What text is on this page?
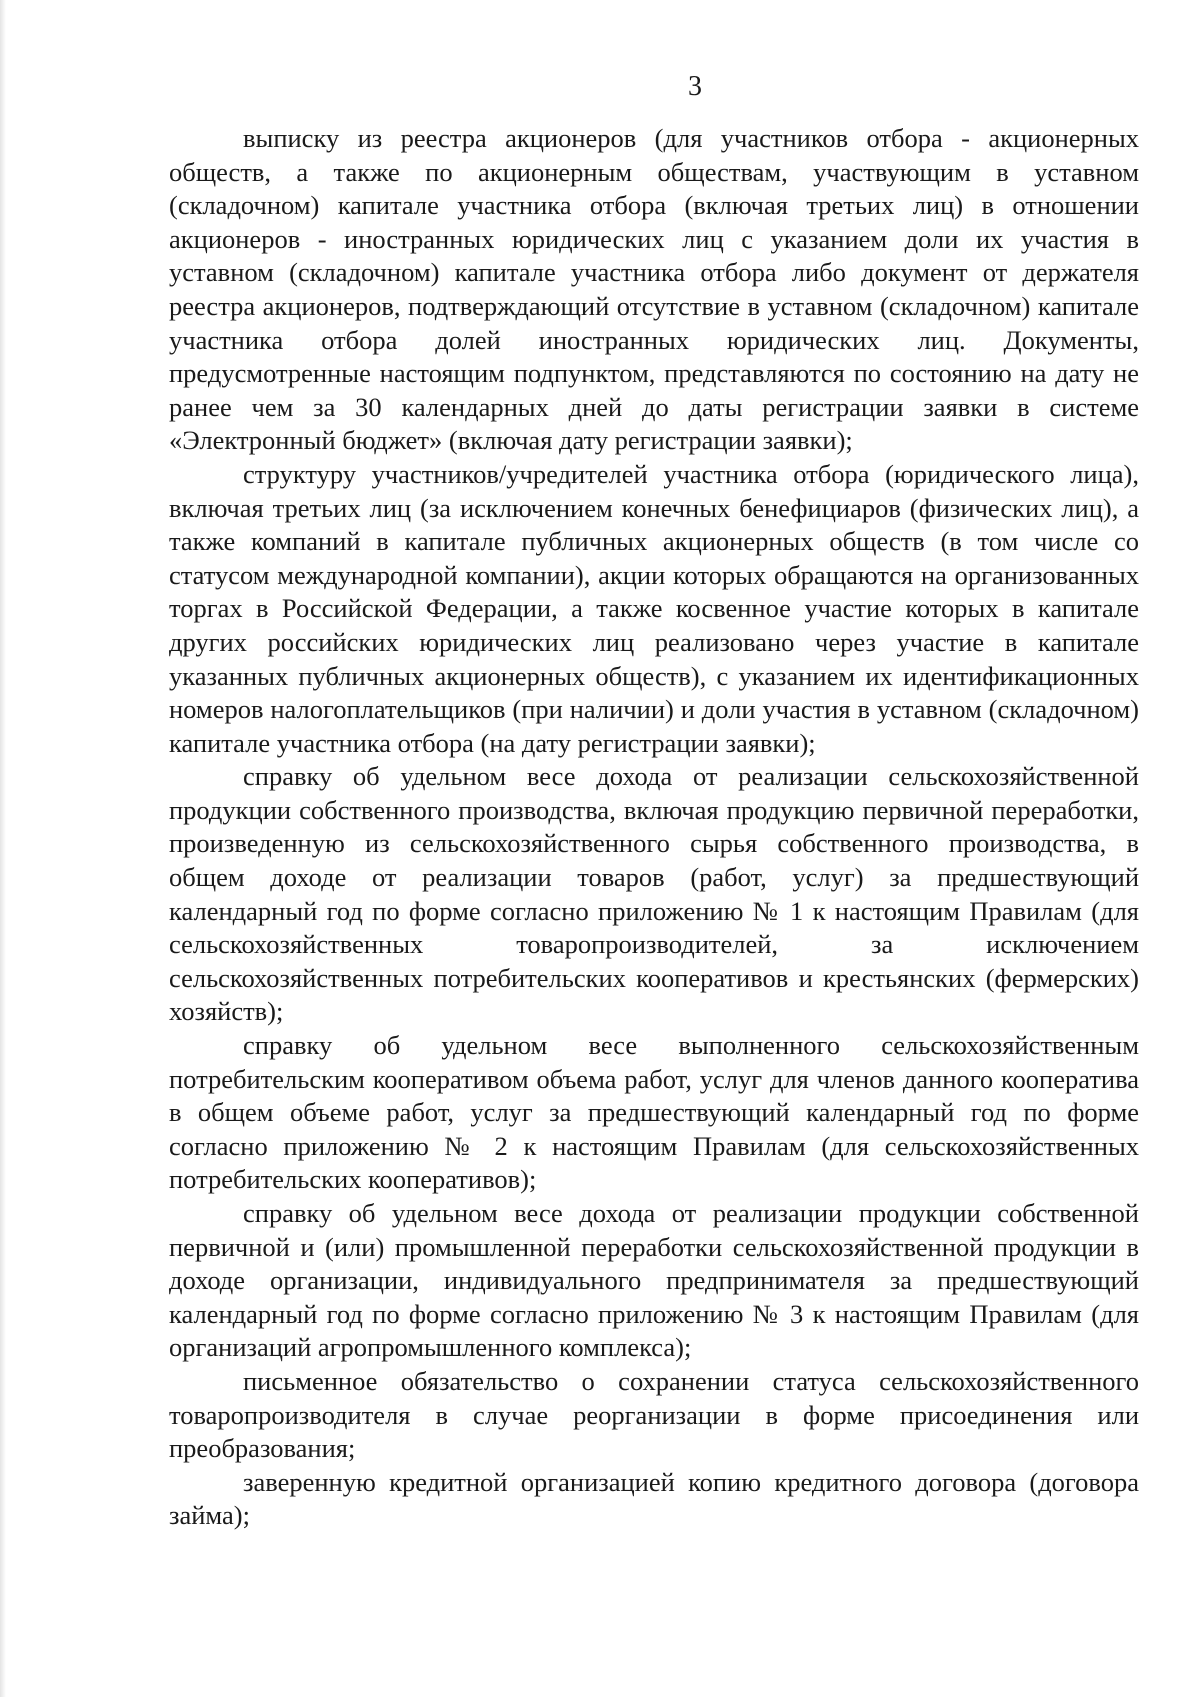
3

выписку из реестра акционеров (для участников отбора - акционерных обществ, а также по акционерным обществам, участвующим в уставном (складочном) капитале участника отбора (включая третьих лиц) в отношении акционеров - иностранных юридических лиц с указанием доли их участия в уставном (складочном) капитале участника отбора либо документ от держателя реестра акционеров, подтверждающий отсутствие в уставном (складочном) капитале участника отбора долей иностранных юридических лиц. Документы, предусмотренные настоящим подпунктом, представляются по состоянию на дату не ранее чем за 30 календарных дней до даты регистрации заявки в системе «Электронный бюджет» (включая дату регистрации заявки);

структуру участников/учредителей участника отбора (юридического лица), включая третьих лиц (за исключением конечных бенефициаров (физических лиц), а также компаний в капитале публичных акционерных обществ (в том числе со статусом международной компании), акции которых обращаются на организованных торгах в Российской Федерации, а также косвенное участие которых в капитале других российских юридических лиц реализовано через участие в капитале указанных публичных акционерных обществ), с указанием их идентификационных номеров налогоплательщиков (при наличии) и доли участия в уставном (складочном) капитале участника отбора (на дату регистрации заявки);

справку об удельном весе дохода от реализации сельскохозяйственной продукции собственного производства, включая продукцию первичной переработки, произведенную из сельскохозяйственного сырья собственного производства, в общем доходе от реализации товаров (работ, услуг) за предшествующий календарный год по форме согласно приложению № 1 к настоящим Правилам (для сельскохозяйственных товаропроизводителей, за исключением сельскохозяйственных потребительских кооперативов и крестьянских (фермерских) хозяйств);

справку об удельном весе выполненного сельскохозяйственным потребительским кооперативом объема работ, услуг для членов данного кооператива в общем объеме работ, услуг за предшествующий календарный год по форме согласно приложению № 2 к настоящим Правилам (для сельскохозяйственных потребительских кооперативов);

справку об удельном весе дохода от реализации продукции собственной первичной и (или) промышленной переработки сельскохозяйственной продукции в доходе организации, индивидуального предпринимателя за предшествующий календарный год по форме согласно приложению № 3 к настоящим Правилам (для организаций агропромышленного комплекса);

письменное обязательство о сохранении статуса сельскохозяйственного товаропроизводителя в случае реорганизации в форме присоединения или преобразования;

заверенную кредитной организацией копию кредитного договора (договора займа);
